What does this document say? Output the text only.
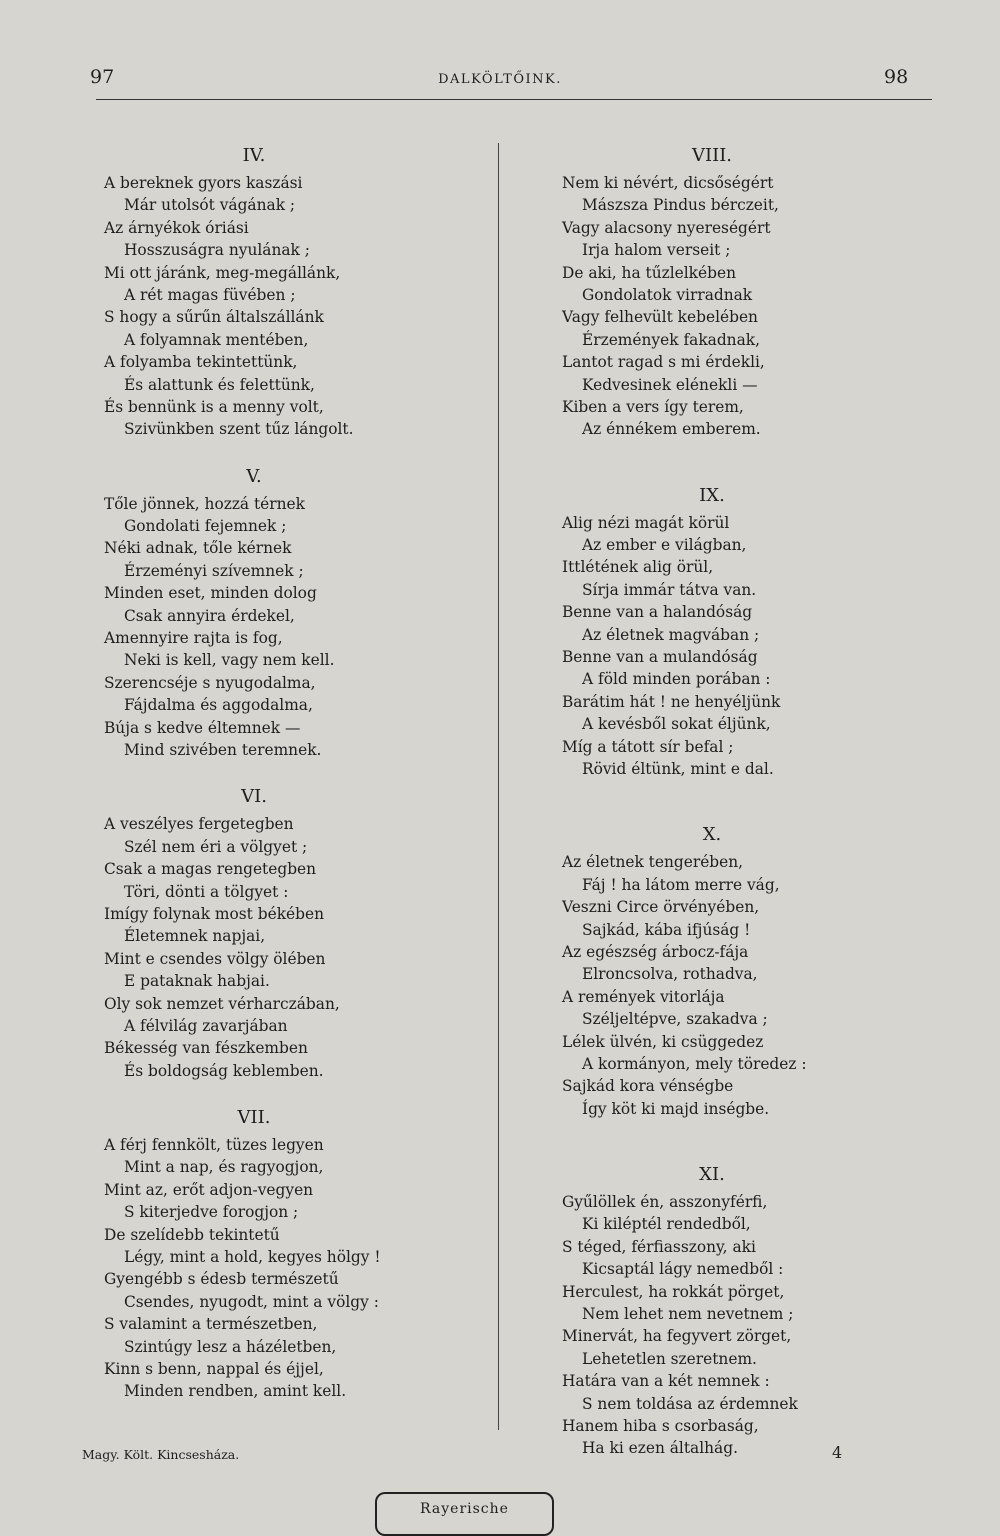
97	DALKÖLTŐINK.	98
IV.
A bereknek gyors kaszási
Már utolsót vágának ;
Az árnyékok óriási
Hosszuságra nyulának ;
Mi ott járánk, meg-megállánk,
A rét magas füvében ;
S hogy a sűrűn általszállánk
A folyamnak mentében,
A folyamba tekintettünk,
És alattunk és felettünk,
És bennünk is a menny volt,
Szivünkben szent tűz lángolt.
V.
Tőle jönnek, hozzá térnek
Gondolati fejemnek ;
Néki adnak, tőle kérnek
Érzeményi szívemnek ;
Minden eset, minden dolog
Csak annyira érdekel,
Amennyire rajta is fog,
Neki is kell, vagy nem kell.
Szerencséje s nyugodalma,
Fájdalma és aggodalma,
Búja s kedve éltemnek —
Mind szivében teremnek.
VI.
A veszélyes fergetegben
Szél nem éri a völgyet ;
Csak a magas rengetegben
Töri, dönti a tölgyet :
Imígy folynak most békében
Életemnek napjai,
Mint e csendes völgy ölében
E pataknak habjai.
Oly sok nemzet vérharczában,
A félvilág zavarjában
Békesség van fészkemben
És boldogság keblemben.
VII.
A férj fennkölt, tüzes legyen
Mint a nap, és ragyogjon,
Mint az, erőt adjon-vegyen
S kiterjedve forogjon ;
De szelídebb tekintetű
Légy, mint a hold, kegyes hölgy !
Gyengébb s édesb természetű
Csendes, nyugodt, mint a völgy :
S valamint a természetben,
Szintúgy lesz a házéletben,
Kinn s benn, nappal és éjjel,
Minden rendben, amint kell.
VIII.
Nem ki névért, dicsőségért
Mászsza Pindus bérczeit,
Vagy alacsony nyereségért
Irja halom verseit ;
De aki, ha tűzlelkében
Gondolatok virradnak
Vagy felhevült kebelében
Érzemények fakadnak,
Lantot ragad s mi érdekli,
Kedvesinek elénekli —
Kiben a vers így terem,
Az énnékem emberem.
IX.
Alig nézi magát körül
Az ember e világban,
Ittlétének alig örül,
Sírja immár tátva van.
Benne van a halandóság
Az életnek magvában ;
Benne van a mulandóság
A föld minden porában :
Barátim hát ! ne henyéljünk
A kevésből sokat éljünk,
Míg a tátott sír befal ;
Rövid éltünk, mint e dal.
X.
Az életnek tengerében,
Fáj ! ha látom merre vág,
Veszni Circe örvényében,
Sajkád, kába ifjúság !
Az egészség árbocz-fája
Elroncsolva, rothadva,
A remények vitorlája
Széljeltépve, szakadva ;
Lélek ülvén, ki csüggedez
A kormányon, mely töredez :
Sajkád kora vénségbe
Így köt ki majd inségbe.
XI.
Gyűlöllek én, asszonyférfi,
Ki kiléptél rendedből,
S téged, férfiasszony, aki
Kicsaptál lágy nemedből :
Herculest, ha rokkát pörget,
Nem lehet nem nevetnem ;
Minervát, ha fegyvert zörget,
Lehetetlen szeretnem.
Határa van a két nemnek :
S nem toldása az érdemnek
Hanem hiba s csorbaság,
Ha ki ezen általhág.
Magy. Költ. Kincsesháza.	4
Rayerische
